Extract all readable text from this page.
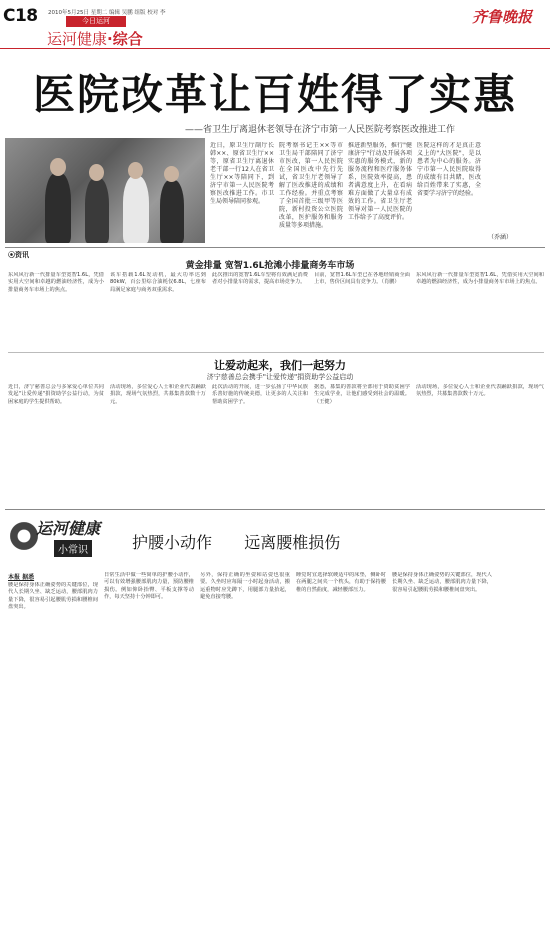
C18 2010年5月25日 星期二 编辑 吴鹏 组版 校对 李
今日运河
运河健康·综合
齐鲁晚报
医院改革让百姓得了实惠
——省卫生厅离退休老领导在济宁市第一人民医院考察医改推进工作
近日，原卫生厅副厅长韩××、原省卫生厅××等，原省卫生厅离退休老干部一行12人在省卫生厅××等陪同下，到济宁市第一人民医院考察医改推进工作。市卫生局领导陪同参观。
院考察书记王××等市卫生局干部陪同了济宁市医改，第一人民医院在全国医改中先行先试，省卫生厅老领导了解了医改推进的成绩和工作经验。并重点考察了全国首批三级甲等医院，新村投资公立医院改革，医护服务和服务质量等多项措施。
推进新型服务，推行"健康济宁"行动及开展各项实惠的服务模式，新的服务流程和医疗服务体系，医院效率提高，患者满意度上升，在看病难方面做了大量卓有成效的工作。省卫生厅老领导对第一人民医院的工作给予了高度评价。
医院这样的才是真正意义上的"大医院"，是以患者为中心的服务。济宁市第一人民医院取得的成绩有目共睹，医改给百姓带来了实惠，全省要学习济宁的经验。
（乔涵）
⦿资讯
黄金排量 宽智1.6L抢滩小排量商务车市场
东风风行新一代排量车型宽智1.6L，凭借实用大空间和卓越的燃油经济性，成为小排量商务车市场上的焦点。
该车搭载1.6L发动机，最大功率达到80kW，百公里综合油耗仅6.8L，七座布局满足家庭与商务双重需求。
此次推出的宽智1.6L车型将有效满足消费者对小排量车的需求，提高市场竞争力。
目前，宽智1.6L车型已在各地经销商全面上市，售价区间具有竞争力。（肖鹏）
东风风行新一代排量车型宽智1.6L，凭借实用大空间和卓越的燃油经济性，成为小排量商务车市场上的焦点。
让爱动起来，我们一起努力
济宁慈善总会携手"让爱传递"捐资助学公益启动
近日，济宁慈善总会与多家爱心单位共同发起"让爱传递"捐资助学公益行动，为贫困家庭的学生提供帮助。
活动现场，多位爱心人士和企业代表踊跃捐款，现场气氛热烈，共募集善款数十万元。
此次活动的开展，进一步弘扬了中华民族乐善好施的传统美德，让更多的人关注和帮助贫困学子。
据悉，募集的善款将全部用于资助贫困学生完成学业，让他们感受到社会的温暖。（王健）
活动现场，多位爱心人士和企业代表踊跃捐款，现场气氛热烈，共募集善款数十万元。
运河健康
小常识	护腰小动作 远离腰椎损伤
本报 据悉
腰是保持身体正确姿势的关键部位，现代人长期久坐、缺乏运动，腰部肌肉力量下降，很容易引起腰肌劳损和腰椎间盘突出。
日常生活中做一些简单的护腰小动作，可以有效增强腰部肌肉力量，预防腰椎损伤。例如仰卧抬臀、平板支撑等动作，每天坚持十分钟即可。
另外，保持正确的坐姿和站姿也很重要。久坐时应每隔一小时起身活动，搬运重物时应先蹲下，用腿部力量抬起，避免直接弯腰。
睡觉时宜选择软硬适中的床垫，侧卧时在两腿之间夹一个枕头，有助于保持腰椎的自然曲度，减轻腰部压力。
腰是保持身体正确姿势的关键部位，现代人长期久坐、缺乏运动，腰部肌肉力量下降，很容易引起腰肌劳损和腰椎间盘突出。
